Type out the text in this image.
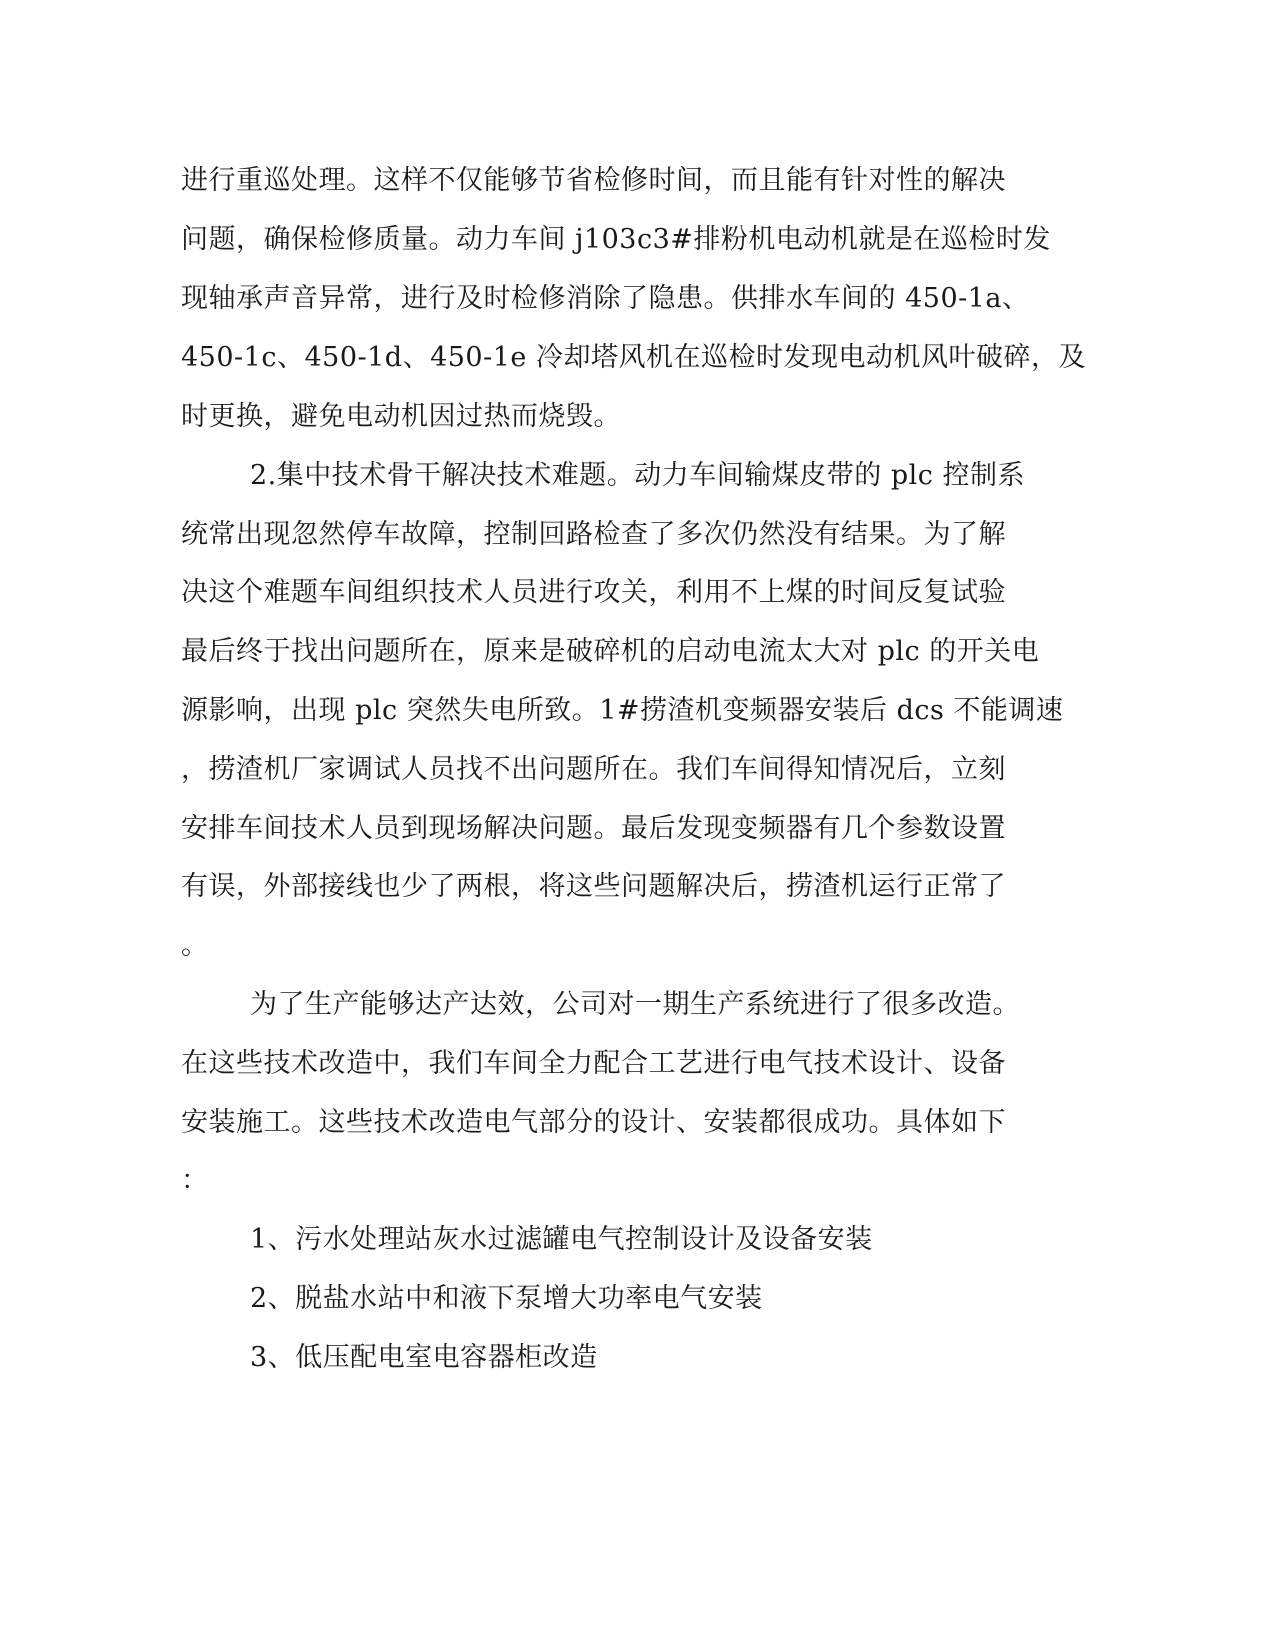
进行重巡处理。这样不仅能够节省检修时间，而且能有针对性的解决
问题，确保检修质量。动力车间 j103c3#排粉机电动机就是在巡检时发
现轴承声音异常，进行及时检修消除了隐患。供排水车间的 450-1a、
450-1c、450-1d、450-1e 冷却塔风机在巡检时发现电动机风叶破碎，及
时更换，避免电动机因过热而烧毁。
2.集中技术骨干解决技术难题。动力车间输煤皮带的 plc 控制系
统常出现忽然停车故障，控制回路检查了多次仍然没有结果。为了解
决这个难题车间组织技术人员进行攻关，利用不上煤的时间反复试验
最后终于找出问题所在，原来是破碎机的启动电流太大对 plc 的开关电
源影响，出现 plc 突然失电所致。1#捞渣机变频器安装后 dcs 不能调速
，捞渣机厂家调试人员找不出问题所在。我们车间得知情况后，立刻
安排车间技术人员到现场解决问题。最后发现变频器有几个参数设置
有误，外部接线也少了两根，将这些问题解决后，捞渣机运行正常了
。
为了生产能够达产达效，公司对一期生产系统进行了很多改造。
在这些技术改造中，我们车间全力配合工艺进行电气技术设计、设备
安装施工。这些技术改造电气部分的设计、安装都很成功。具体如下
：
1、污水处理站灰水过滤罐电气控制设计及设备安装
2、脱盐水站中和液下泵增大功率电气安装
3、低压配电室电容器柜改造
